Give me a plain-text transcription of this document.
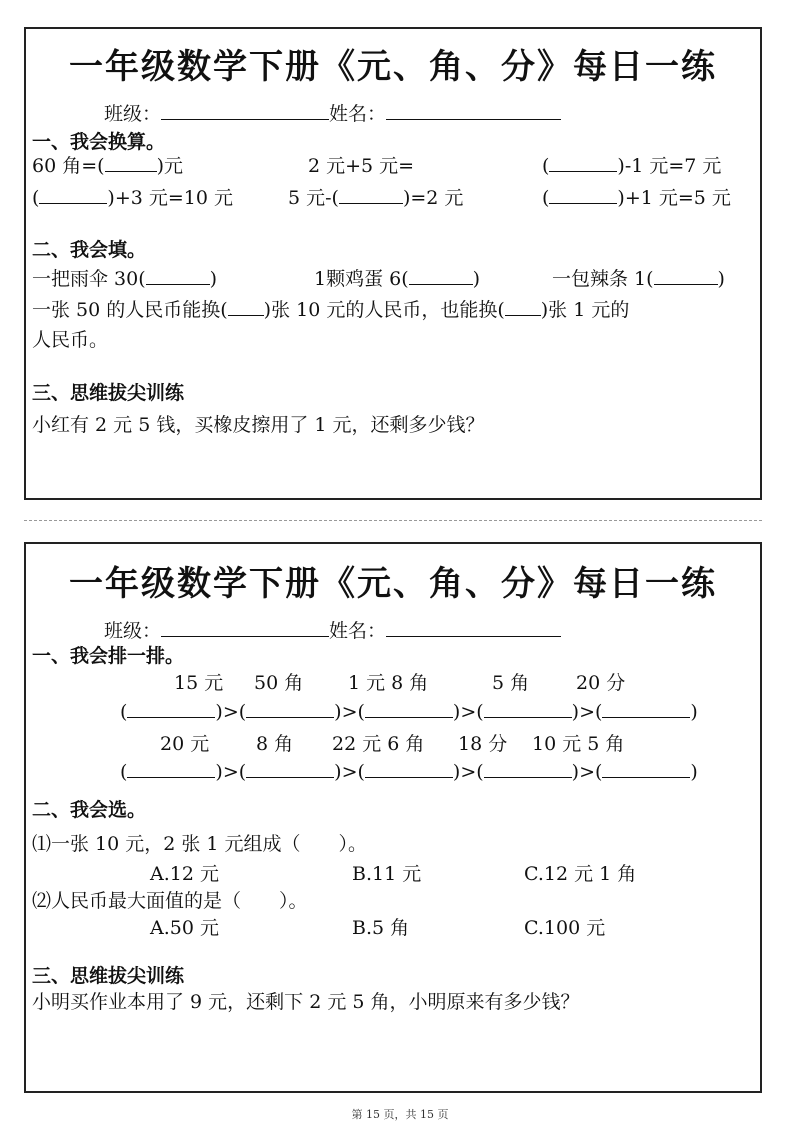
一年级数学下册《元、角、分》每日一练
班级：	姓名：
一、我会换算。
60 角=(	)元	2 元+5 元=	(	)-1 元=7 元
(	)+3 元=10 元	5 元-(	)=2 元	(	)+1 元=5 元
二、我会填。
一把雨伞 30(	)	1颗鸡蛋 6(	)	一包辣条 1(	)
一张 50 的人民币能换( )张 10 元的人民币，也能换( )张 1 元的
人民币。
三、思维拔尖训练
小红有 2 元 5 钱，买橡皮擦用了 1 元，还剩多少钱？
一年级数学下册《元、角、分》每日一练
班级：	姓名：
一、我会排一排。
15 元 50 角 1 元 8 角	5 角 20 分
(	)>(	)>(	)>(	)>(	)
20 元 8 角 22 元 6 角 18 分 10 元 5 角
(	)>(	)>(	)>(	)>(	)
二、我会选。
⑴一张 10 元，2 张 1 元组成（　　）。
A.12 元	B.11 元	C.12 元 1 角
⑵人民币最大面值的是（　　）。
A.50 元	B.5 角	C.100 元
三、思维拔尖训练
小明买作业本用了 9 元，还剩下 2 元 5 角，小明原来有多少钱？
第 15 页，共 15 页
